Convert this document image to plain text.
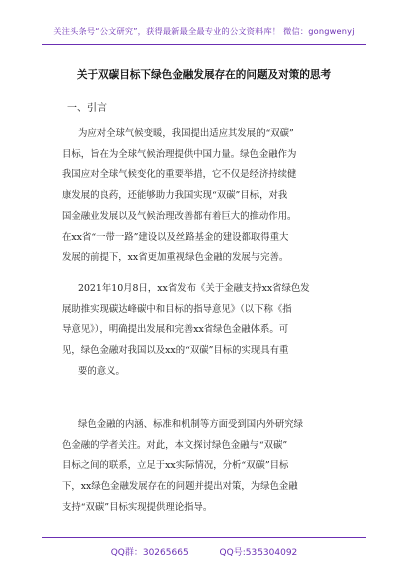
关注头条号“公文研究”，获得最新最全最专业的公文资料库！ 微信：gongwenyj
关于双碳目标下绿色金融发展存在的问题及对策的思考
一、引言
为应对全球气候变暖，我国提出适应其发展的“双碳”
目标，旨在为全球气候治理提供中国力量。绿色金融作为
我国应对全球气候变化的重要举措，它不仅是经济持续健
康发展的良药，还能够助力我国实现“双碳”目标，对我
国金融业发展以及气候治理改善都有着巨大的推动作用。
在xx省“一带一路”建设以及丝路基金的建设都取得重大
发展的前提下，xx省更加重视绿色金融的发展与完善。
2021年10月8日，xx省发布《关于金融支持xx省绿色发
展助推实现碳达峰碳中和目标的指导意见》（以下称《指
导意见》），明确提出发展和完善xx省绿色金融体系。可
见，绿色金融对我国以及xx的“双碳”目标的实现具有重
要的意义。
绿色金融的内涵、标准和机制等方面受到国内外研究绿
色金融的学者关注。对此，本文探讨绿色金融与“双碳”
目标之间的联系，立足于xx实际情况，分析“双碳”目标
下，xx绿色金融发展存在的问题并提出对策，为绿色金融
支持“双碳”目标实现提供理论指导。
QQ群：30265665	QQ号:535304092
